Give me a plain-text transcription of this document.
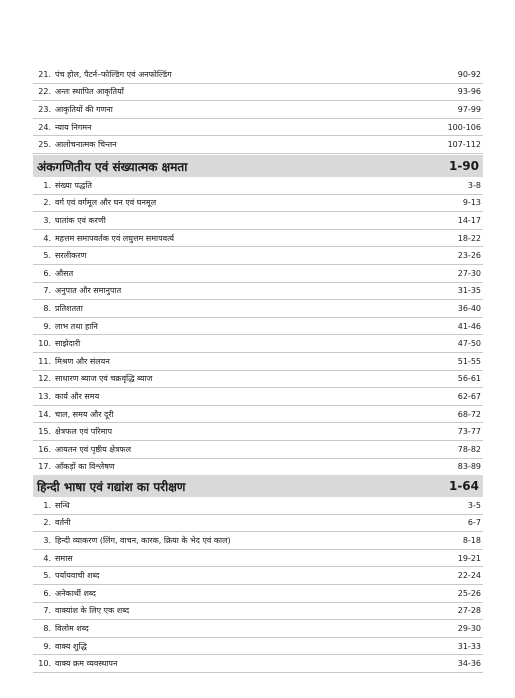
21. पंच होल, पैटर्न–फोल्डिंग एवं अनफोल्डिंग	90-92
22. अन्तः स्थापित आकृतियाँ	93-96
23. आकृतियों की गणना	97-99
24. न्याय निगमन	100-106
25. आलोचनात्मक चिन्तन	107-112
अंकगणितीय एवं संख्यात्मक क्षमता	1-90
1. संख्या पद्धति	3-8
2. वर्ग एवं वर्गमूल और घन एवं घनमूल	9-13
3. घातांक एवं करणी	14-17
4. महत्तम समापवर्तक एवं लघुत्तम समापवर्त्य	18-22
5. सरलीकरण	23-26
6. औसत	27-30
7. अनुपात और समानुपात	31-35
8. प्रतिशतता	36-40
9. लाभ तथा हानि	41-46
10. साझेदारी	47-50
11. मिश्रण और संलयन	51-55
12. साधारण ब्याज एवं चक्रवृद्धि ब्याज	56-61
13. कार्य और समय	62-67
14. चाल, समय और दूरी	68-72
15. क्षेत्रफल एवं परिमाप	73-77
16. आयतन एवं पृष्ठीय क्षेत्रफल	78-82
17. आँकड़ों का विश्लेषण	83-89
हिन्दी भाषा एवं गद्यांश का परीक्षण	1-64
1. सन्धि	3-5
2. वर्तनी	6-7
3. हिन्दी व्याकरण (लिंग, वाचन, कारक, क्रिया के भेद एवं काल)	8-18
4. समास	19-21
5. पर्यायवाची शब्द	22-24
6. अनेकार्थी शब्द	25-26
7. वाक्यांश के लिए एक शब्द	27-28
8. विलोम शब्द	29-30
9. वाक्य शुद्धि	31-33
10. वाक्य क्रम व्यवस्थापन	34-36
